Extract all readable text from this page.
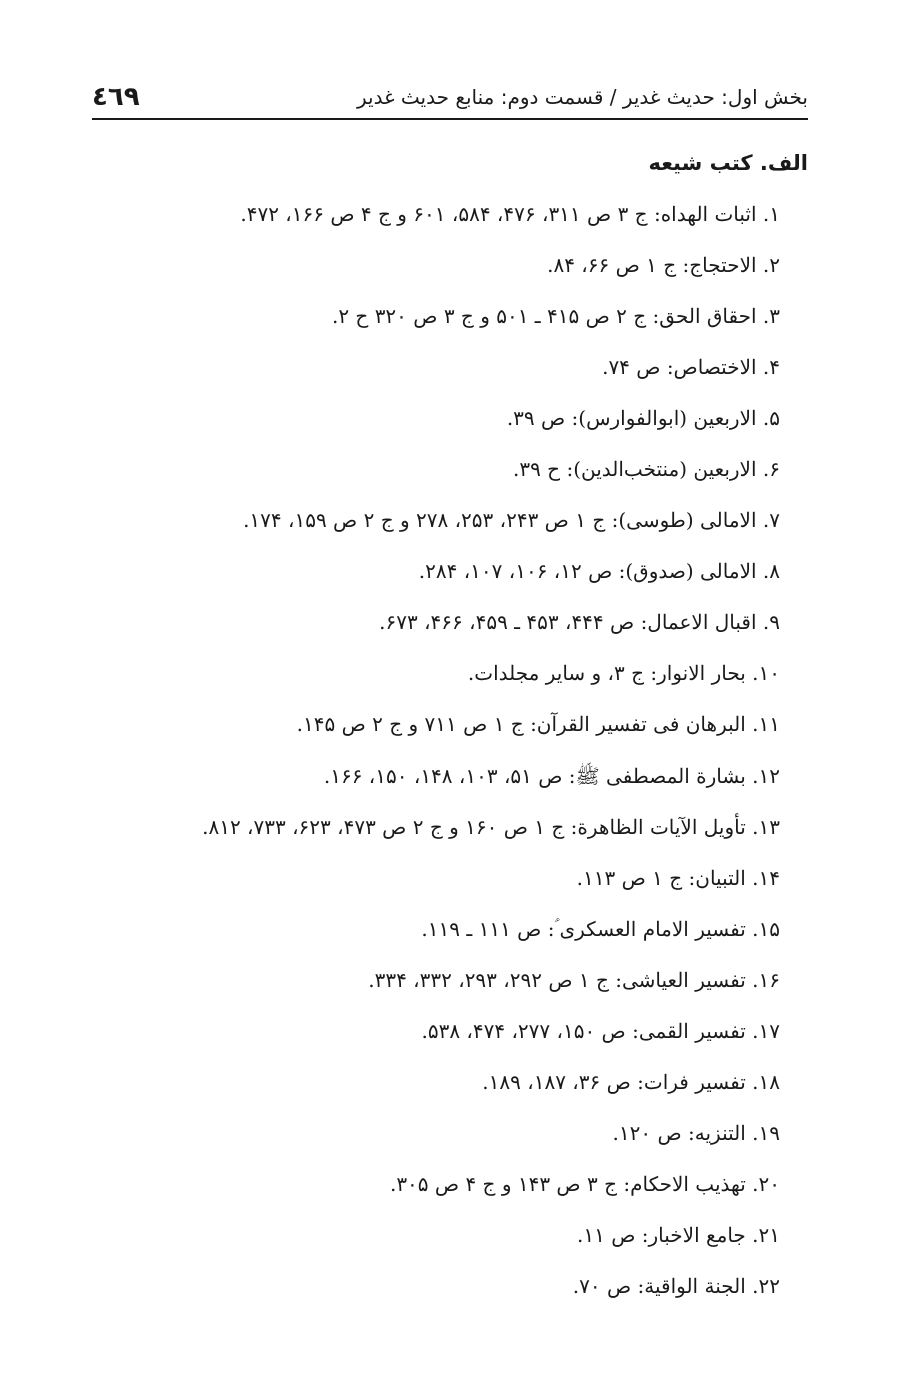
بخش اول: حديث غدير / قسمت دوم: منابع حديث غدير
٤٦٩
الف. كتب شيعه
۱. اثبات الهداه: ج ۳ ص ۳۱۱، ۴۷۶، ۵۸۴، ۶۰۱ و ج ۴ ص ۱۶۶، ۴۷۲.
۲. الاحتجاج: ج ۱ ص ۶۶، ۸۴.
۳. احقاق الحق: ج ۲ ص ۴۱۵ ـ ۵۰۱ و ج ۳ ص ۳۲۰ ح ۲.
۴. الاختصاص: ص ۷۴.
۵. الاربعين (ابوالفوارس): ص ۳۹.
۶. الاربعين (منتخب‌الدين): ح ۳۹.
۷. الامالی (طوسی): ج ۱ ص ۲۴۳، ۲۵۳، ۲۷۸ و ج ۲ ص ۱۵۹، ۱۷۴.
۸. الامالی (صدوق): ص ۱۲، ۱۰۶، ۱۰۷، ۲۸۴.
۹. اقبال الاعمال: ص ۴۴۴، ۴۵۳ ـ ۴۵۹، ۴۶۶، ۶۷۳.
۱۰. بحار الانوار: ج ۳، و ساير مجلدات.
۱۱. البرهان فی تفسير القرآن: ج ۱ ص ۷۱۱ و ج ۲ ص ۱۴۵.
۱۲. بشارة المصطفی ﷺ: ص ۵۱، ۱۰۳، ۱۴۸، ۱۵۰، ۱۶۶.
۱۳. تأويل الآيات الظاهرة: ج ۱ ص ۱۶۰ و ج ۲ ص ۴۷۳، ۶۲۳، ۷۳۳، ۸۱۲.
۱۴. التبيان: ج ۱ ص ۱۱۳.
۱۵. تفسير الامام العسكری ؑ: ص ۱۱۱ ـ ۱۱۹.
۱۶. تفسير العياشی: ج ۱ ص ۲۹۲، ۲۹۳، ۳۳۲، ۳۳۴.
۱۷. تفسير القمی: ص ۱۵۰، ۲۷۷، ۴۷۴، ۵۳۸.
۱۸. تفسير فرات: ص ۳۶، ۱۸۷، ۱۸۹.
۱۹. التنزيه: ص ۱۲۰.
۲۰. تهذيب الاحكام: ج ۳ ص ۱۴۳ و ج ۴ ص ۳۰۵.
۲۱. جامع الاخبار: ص ۱۱.
۲۲. الجنة الواقية: ص ۷۰.
